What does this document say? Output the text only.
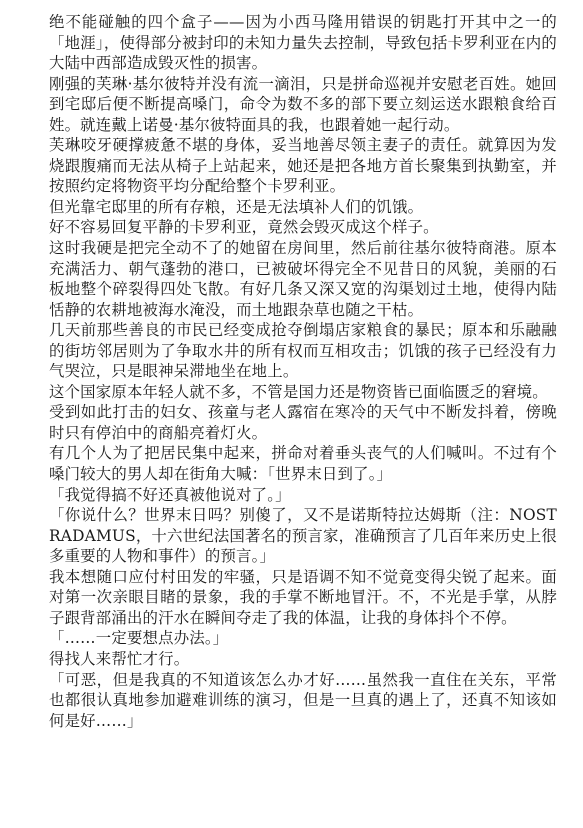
绝不能碰触的四个盒子——因为小西马隆用错误的钥匙打开其中之一的「地涯」，使得部分被封印的未知力量失去控制，导致包括卡罗利亚在内的大陆中西部造成毁灭性的损害。

刚强的芙琳·基尔彼特并没有流一滴泪，只是拼命巡视并安慰老百姓。她回到宅邸后便不断提高嗓门，命令为数不多的部下要立刻运送水跟粮食给百姓。就连戴上诺曼·基尔彼特面具的我，也跟着她一起行动。

芙琳咬牙硬撑疲惫不堪的身体，妥当地善尽领主妻子的责任。就算因为发烧跟腹痛而无法从椅子上站起来，她还是把各地方首长聚集到执勤室，并按照约定将物资平均分配给整个卡罗利亚。

但光靠宅邸里的所有存粮，还是无法填补人们的饥饿。

好不容易回复平静的卡罗利亚，竟然会毁灭成这个样子。

这时我硬是把完全动不了的她留在房间里，然后前往基尔彼特商港。原本充满活力、朝气蓬勃的港口，已被破坏得完全不见昔日的风貌，美丽的石板地整个碎裂得四处飞散。有好几条又深又宽的沟渠划过土地，使得内陆恬静的农耕地被海水淹没，而土地跟杂草也随之干枯。

几天前那些善良的市民已经变成抢夺倒塌店家粮食的暴民；原本和乐融融的街坊邻居则为了争取水井的所有权而互相攻击；饥饿的孩子已经没有力气哭泣，只是眼神呆滞地坐在地上。

这个国家原本年轻人就不多，不管是国力还是物资皆已面临匮乏的窘境。

受到如此打击的妇女、孩童与老人露宿在寒冷的天气中不断发抖着，傍晚时只有停泊中的商船亮着灯火。

有几个人为了把居民集中起来，拼命对着垂头丧气的人们喊叫。不过有个嗓门较大的男人却在街角大喊：「世界末日到了。」

「我觉得搞不好还真被他说对了。」

「你说什么？世界末日吗？别傻了，又不是诺斯特拉达姆斯（注：NOSTRADAMUS，十六世纪法国著名的预言家，准确预言了几百年来历史上很多重要的人物和事件）的预言。」

我本想随口应付村田发的牢骚，只是语调不知不觉竟变得尖锐了起来。面对第一次亲眼目睹的景象，我的手掌不断地冒汗。不，不光是手掌，从脖子跟背部涌出的汗水在瞬间夺走了我的体温，让我的身体抖个不停。

「……一定要想点办法。」

得找人来帮忙才行。

「可恶，但是我真的不知道该怎么办才好……虽然我一直住在关东，平常也都很认真地参加避难训练的演习，但是一旦真的遇上了，还真不知该如何是好……」
